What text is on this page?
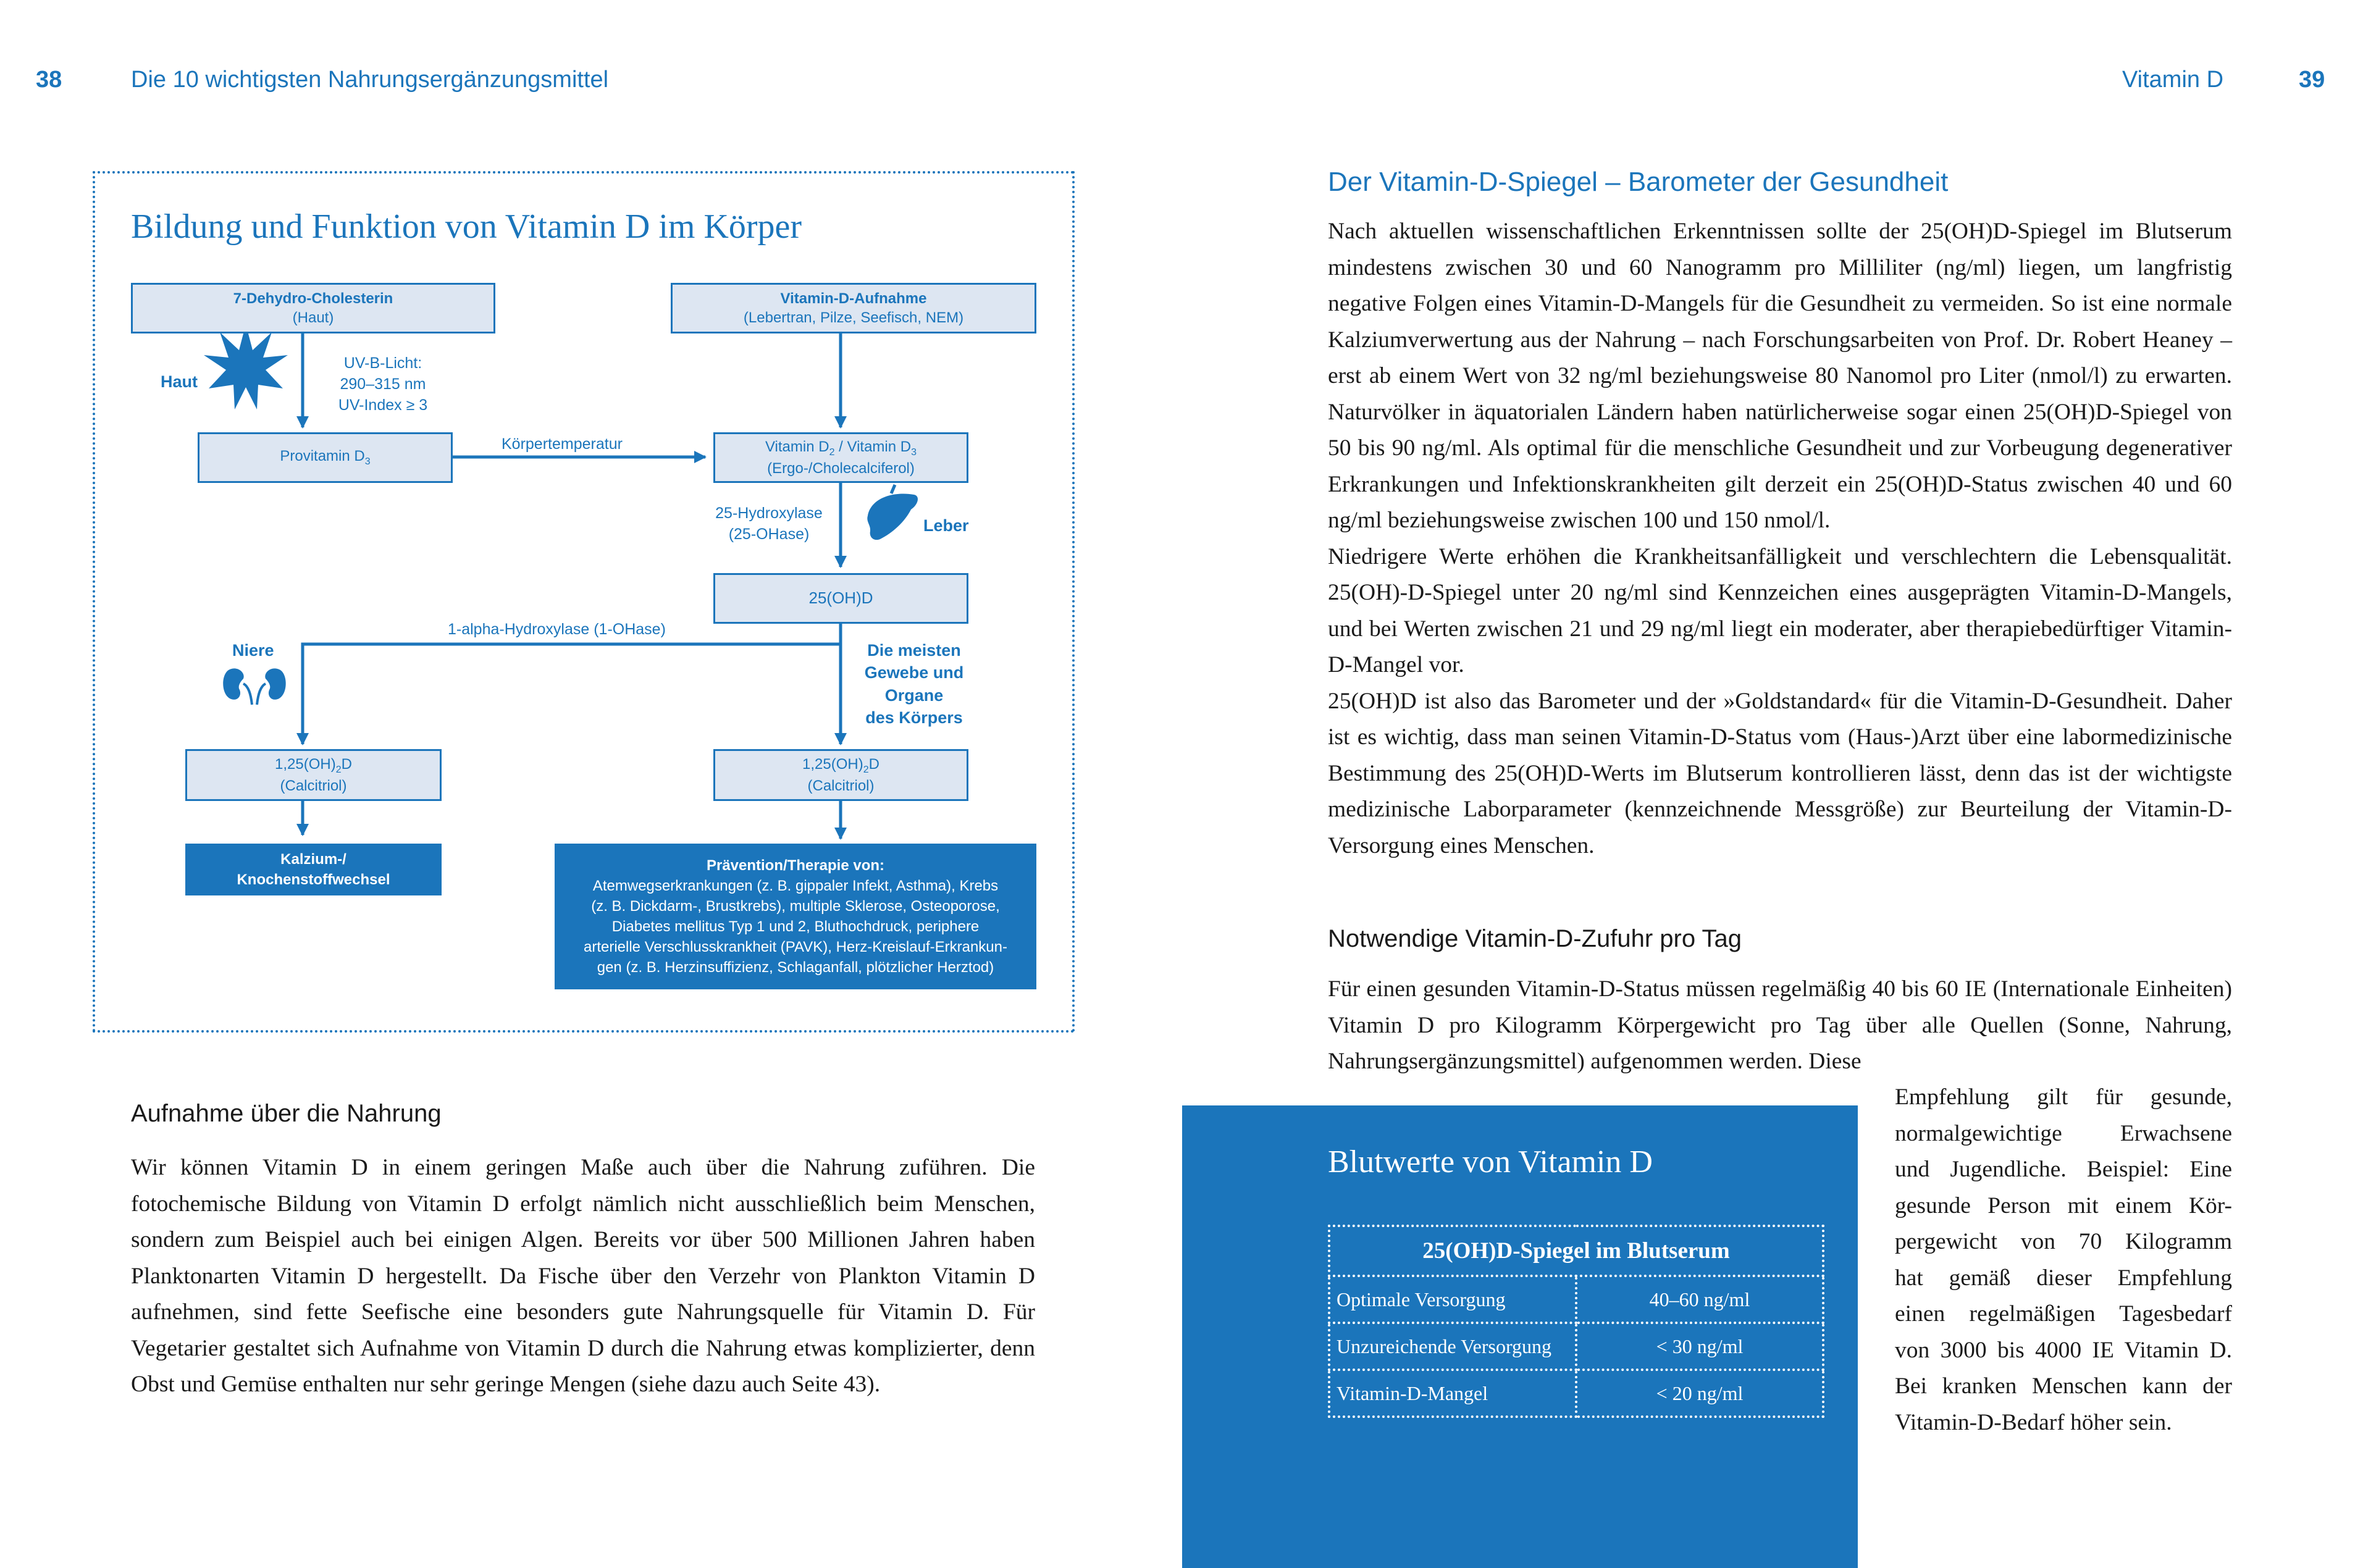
38	Die 10 wichtigsten Nahrungsergänzungsmittel	Vitamin D	39
Bildung und Funktion von Vitamin D im Körper
7-Dehydro-Cholesterin
(Haut)
Vitamin-D-Aufnahme
(Lebertran, Pilze, Seefisch, NEM)
Haut
UV-B-Licht:
290–315 nm
UV-Index ≥ 3
Provitamin $D_3$
Körpertemperatur	Vitamin $D_2$ / Vitamin $D_3$
(Ergo-/Cholecalciferol)
25-Hydroxylase
(25-OHase)	Leber
25(OH)D
1-alpha-Hydroxylase (1-OHase)
Niere	Die meisten
Gewebe und
Organe
des Körpers
$1,25(OH)_2D$
(Calcitriol)
$1,25(OH)_2D$
(Calcitriol)
Kalzium-/
Knochenstoffwechsel
Prävention/Therapie von:
Atemwegserkrankungen (z. B. gippaler Infekt, Asthma), Krebs
(z. B. Dickdarm-, Brustkrebs), multiple Sklerose, Osteoporose,
Diabetes mellitus Typ 1 und 2, Bluthochdruck, periphere
arterielle Verschlusskrankheit (PAVK), Herz-Kreislauf-Erkrankun-
gen (z. B. Herzinsuffizienz, Schlaganfall, plötzlicher Herztod)
Aufnahme über die Nahrung

Wir können Vitamin D in einem geringen Maße auch über die Nahrung zuführen. Die fotochemische Bildung von Vitamin D erfolgt nämlich nicht ausschließlich beim Menschen, sondern zum Beispiel auch bei einigen Algen. Bereits vor über 500 Millionen Jahren haben Planktonarten Vitamin D hergestellt. Da Fische über den Verzehr von Plankton Vitamin D aufnehmen, sind fette Seefische eine besonders gute Nahrungsquelle für Vitamin D. Für Vegetarier gestaltet sich Aufnahme von Vitamin D durch die Nahrung etwas komplizierter, denn Obst und Gemüse enthalten nur sehr geringe Mengen (siehe dazu auch Seite 43).

Der Vitamin-D-Spiegel – Barometer der Gesundheit

Nach aktuellen wissenschaftlichen Erkenntnissen sollte der 25(OH)D-Spiegel im Blutserum mindestens zwischen 30 und 60 Nanogramm pro Milliliter (ng/ml) liegen, um langfristig negative Folgen eines Vitamin-D-Mangels für die Gesundheit zu vermeiden. So ist eine normale Kalziumverwertung aus der Nahrung – nach Forschungsarbeiten von Prof. Dr. Robert Heaney – erst ab einem Wert von 32 ng/ml beziehungsweise 80 Nanomol pro Liter (nmol/l) zu erwarten. Naturvölker in äquatorialen Ländern haben natürlicherweise sogar einen 25(OH)D-Spiegel von 50 bis 90 ng/ml. Als optimal für die menschliche Gesundheit und zur Vorbeugung degenerativer Erkrankungen und Infektionskrankheiten gilt derzeit ein 25(OH)D-Status zwischen 40 und 60 ng/ml beziehungsweise zwischen 100 und 150 nmol/l.

Niedrigere Werte erhöhen die Krankheitsanfälligkeit und verschlechtern die Lebensqualität. 25(OH)-D-Spiegel unter 20 ng/ml sind Kennzeichen eines ausgeprägten Vitamin-D-Mangels, und bei Werten zwischen 21 und 29 ng/ml liegt ein moderater, aber therapiebedürftiger Vitamin-D-Mangel vor.

25(OH)D ist also das Barometer und der »Goldstandard« für die Vitamin-D-Gesundheit. Daher ist es wichtig, dass man seinen Vitamin-D-Status vom (Haus-)Arzt über eine labormedizinische Bestimmung des 25(OH)D-Werts im Blutserum kontrollieren lässt, denn das ist der wichtigste medizinische Laborparameter (kennzeichnende Messgröße) zur Beurteilung der Vitamin-D-Versorgung eines Menschen.

Notwendige Vitamin-D-Zufuhr pro Tag

Für einen gesunden Vitamin-D-Status müssen regelmäßig 40 bis 60 IE (Internationale Einheiten) Vitamin D pro Kilogramm Körpergewicht pro Tag über alle Quellen (Sonne, Nahrung, Nahrungsergänzungsmittel) aufgenommen werden. Diese

Empfehlung gilt für gesunde,
normalgewichtige Erwachsene
und Jugendliche. Beispiel: Eine
gesunde Person mit einem Kör-
pergewicht von 70 Kilogramm
hat gemäß dieser Empfehlung
einen regelmäßigen Tagesbedarf
von 3000 bis 4000 IE Vitamin D.
Bei kranken Menschen kann der
Vitamin-D-Bedarf höher sein.
Blutwerte von Vitamin D
25(OH)D-Spiegel im Blutserum	
Optimale Versorgung	40–60 ng/ml
Unzureichende Versorgung	< 30 ng/ml
Vitamin-D-Mangel	< 20 ng/ml
